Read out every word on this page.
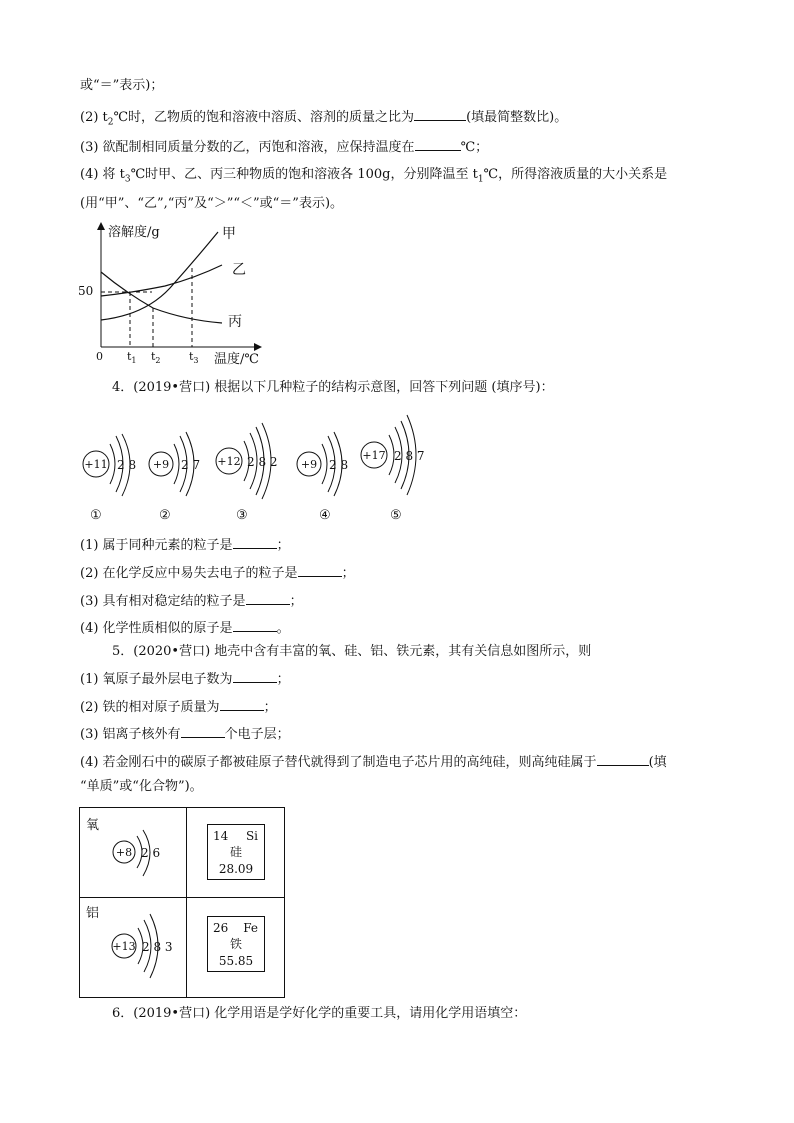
或“＝”表示)；
(2) $t_2℃$时，乙物质的饱和溶液中溶质、溶剂的质量之比为	(填最简整数比)。
(3) 欲配制相同质量分数的乙，丙饱和溶液，应保持温度在	℃；
(4) 将 $t_3℃$时甲、乙、丙三种物质的饱和溶液各 100g，分别降温至 $t_1℃$，所得溶液质量的大小关系是
(用“甲”、“乙”,“丙”及“＞”“＜”或“＝”表示)。
溶解度/g
温度/℃
0
50
$t_1$ $t_2$	$t_3$
甲
乙
丙
4．(2019•营口) 根据以下几种粒子的结构示意图，回答下列问题 (填序号)：
+11 2 8 +9 2 7 +12 2 8 2 +9 2 8
+17 2 8 7
①	②	③	④	⑤
(1) 属于同种元素的粒子是	；
(2) 在化学反应中易失去电子的粒子是	；
(3) 具有相对稳定结的粒子是	；
(4) 化学性质相似的原子是	。
5．(2020•营口) 地壳中含有丰富的氧、硅、铝、铁元素，其有关信息如图所示，则
(1) 氧原子最外层电子数为	；
(2) 铁的相对原子质量为	；
(3) 铝离子核外有	个电子层；
(4) 若金刚石中的碳原子都被硅原子替代就得到了制造电子芯片用的高纯硅，则高纯硅属于	(填
“单质”或“化合物”)。
氧
+8 2 6
14 Si
硅
28.09
铝
+13 2 8 3
26 Fe
铁
55.85
6．(2019•营口) 化学用语是学好化学的重要工具，请用化学用语填空：
